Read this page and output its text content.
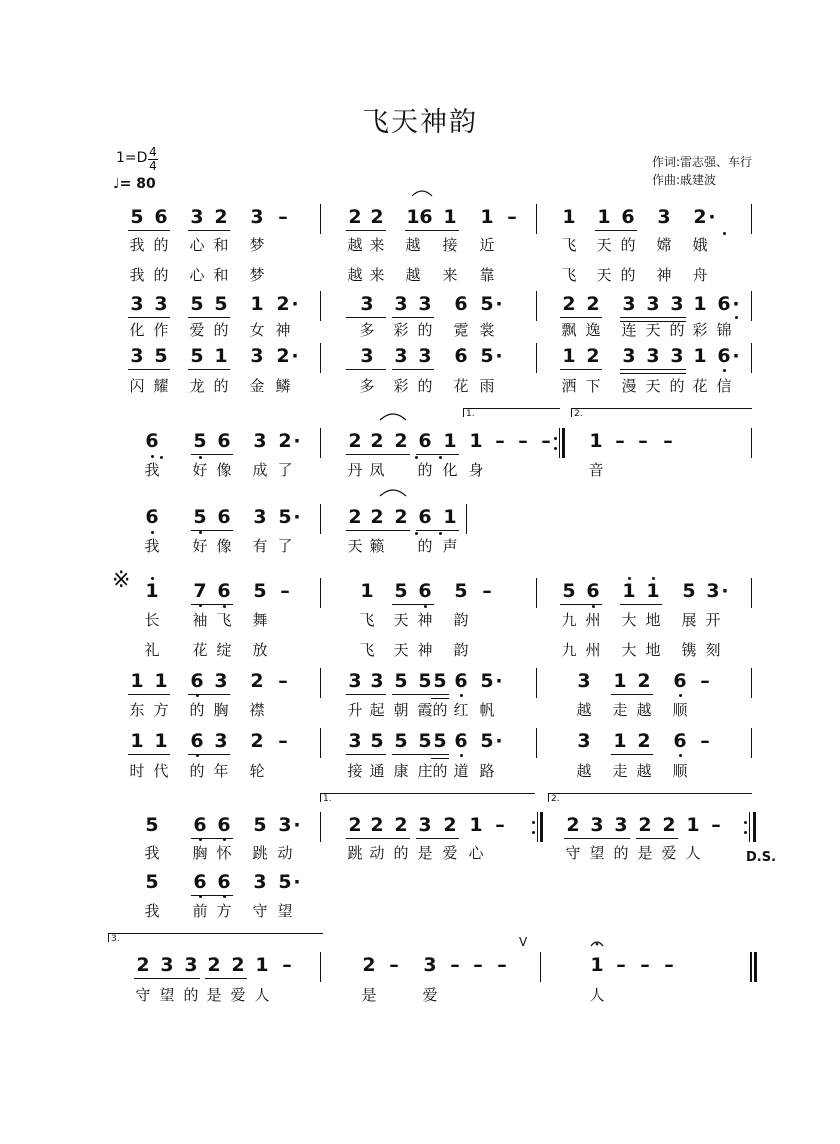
飞天神韵
1=D 4
4
♩= 80
作词:雷志强、车行
作曲:戚建波
※
D.S.
1.	2.
1.	2.
3.	V
5 6 3 2 3 –	2 2 1 6 1 1 – 1 1 6 3 2 ·
3 3 5 5 1 2 ·	3 3 3 6 5 ·	2 2 3 3 3 1 6 ·
3 5 5 1 3 2 ·	3 3 3 6 5 ·	1 2 3 3 3 1 6 ·
6 5 6 3 2 ·	2 2 2 6 1 1 – – – 1 – – –
6 5 6 3 5 ·	2 2 2 6 1
1 7 6 5 –	1 5 6 5 –	5 6 1 1 5 3 ·
1 1 6 3 2 –	3 3 5 5 5 6 5 ·	3 1 2 6 –
1 1 6 3 2 –	3 5 5 5 5 6 5 ·	3 1 2 6 –
5 6 6 5 3 ·	2 2 2 3 2 1 –	2 3 3 2 2 1 –
5 6 6 3 5 ·
2 3 3 2 2 1 –	2 – 3 – – –	1 – – –
我 的 心 和 梦	越 来 越 接 近	飞 天 的 嫦 娥
我 的 心 和 梦	越 来 越 来 靠	飞 天 的 神 舟
化 作 爱 的 女 神	多 彩 的 霓 裳	飘 逸 连 天 的 彩 锦
闪 耀 龙 的 金 鳞	多 彩 的 花 雨	洒 下 漫 天 的 花 信
我 好 像 成 了	丹 凤 的 化 身	音
我 好 像 有 了	天 籁 的 声
长 袖 飞 舞	飞 天 神 韵	九 州 大 地 展 开
礼 花 绽 放	飞 天 神 韵	九 州 大 地 镌 刻
东 方 的 胸 襟	升 起 朝 霞 的 红 帆	越 走 越 顺
时 代 的 年 轮	接 通 康 庄 的 道 路	越 走 越 顺
我 胸 怀 跳 动	跳 动 的 是 爱 心	守 望 的 是 爱 人
我 前 方 守 望
守 望 的 是 爱 人	是	爱	人
